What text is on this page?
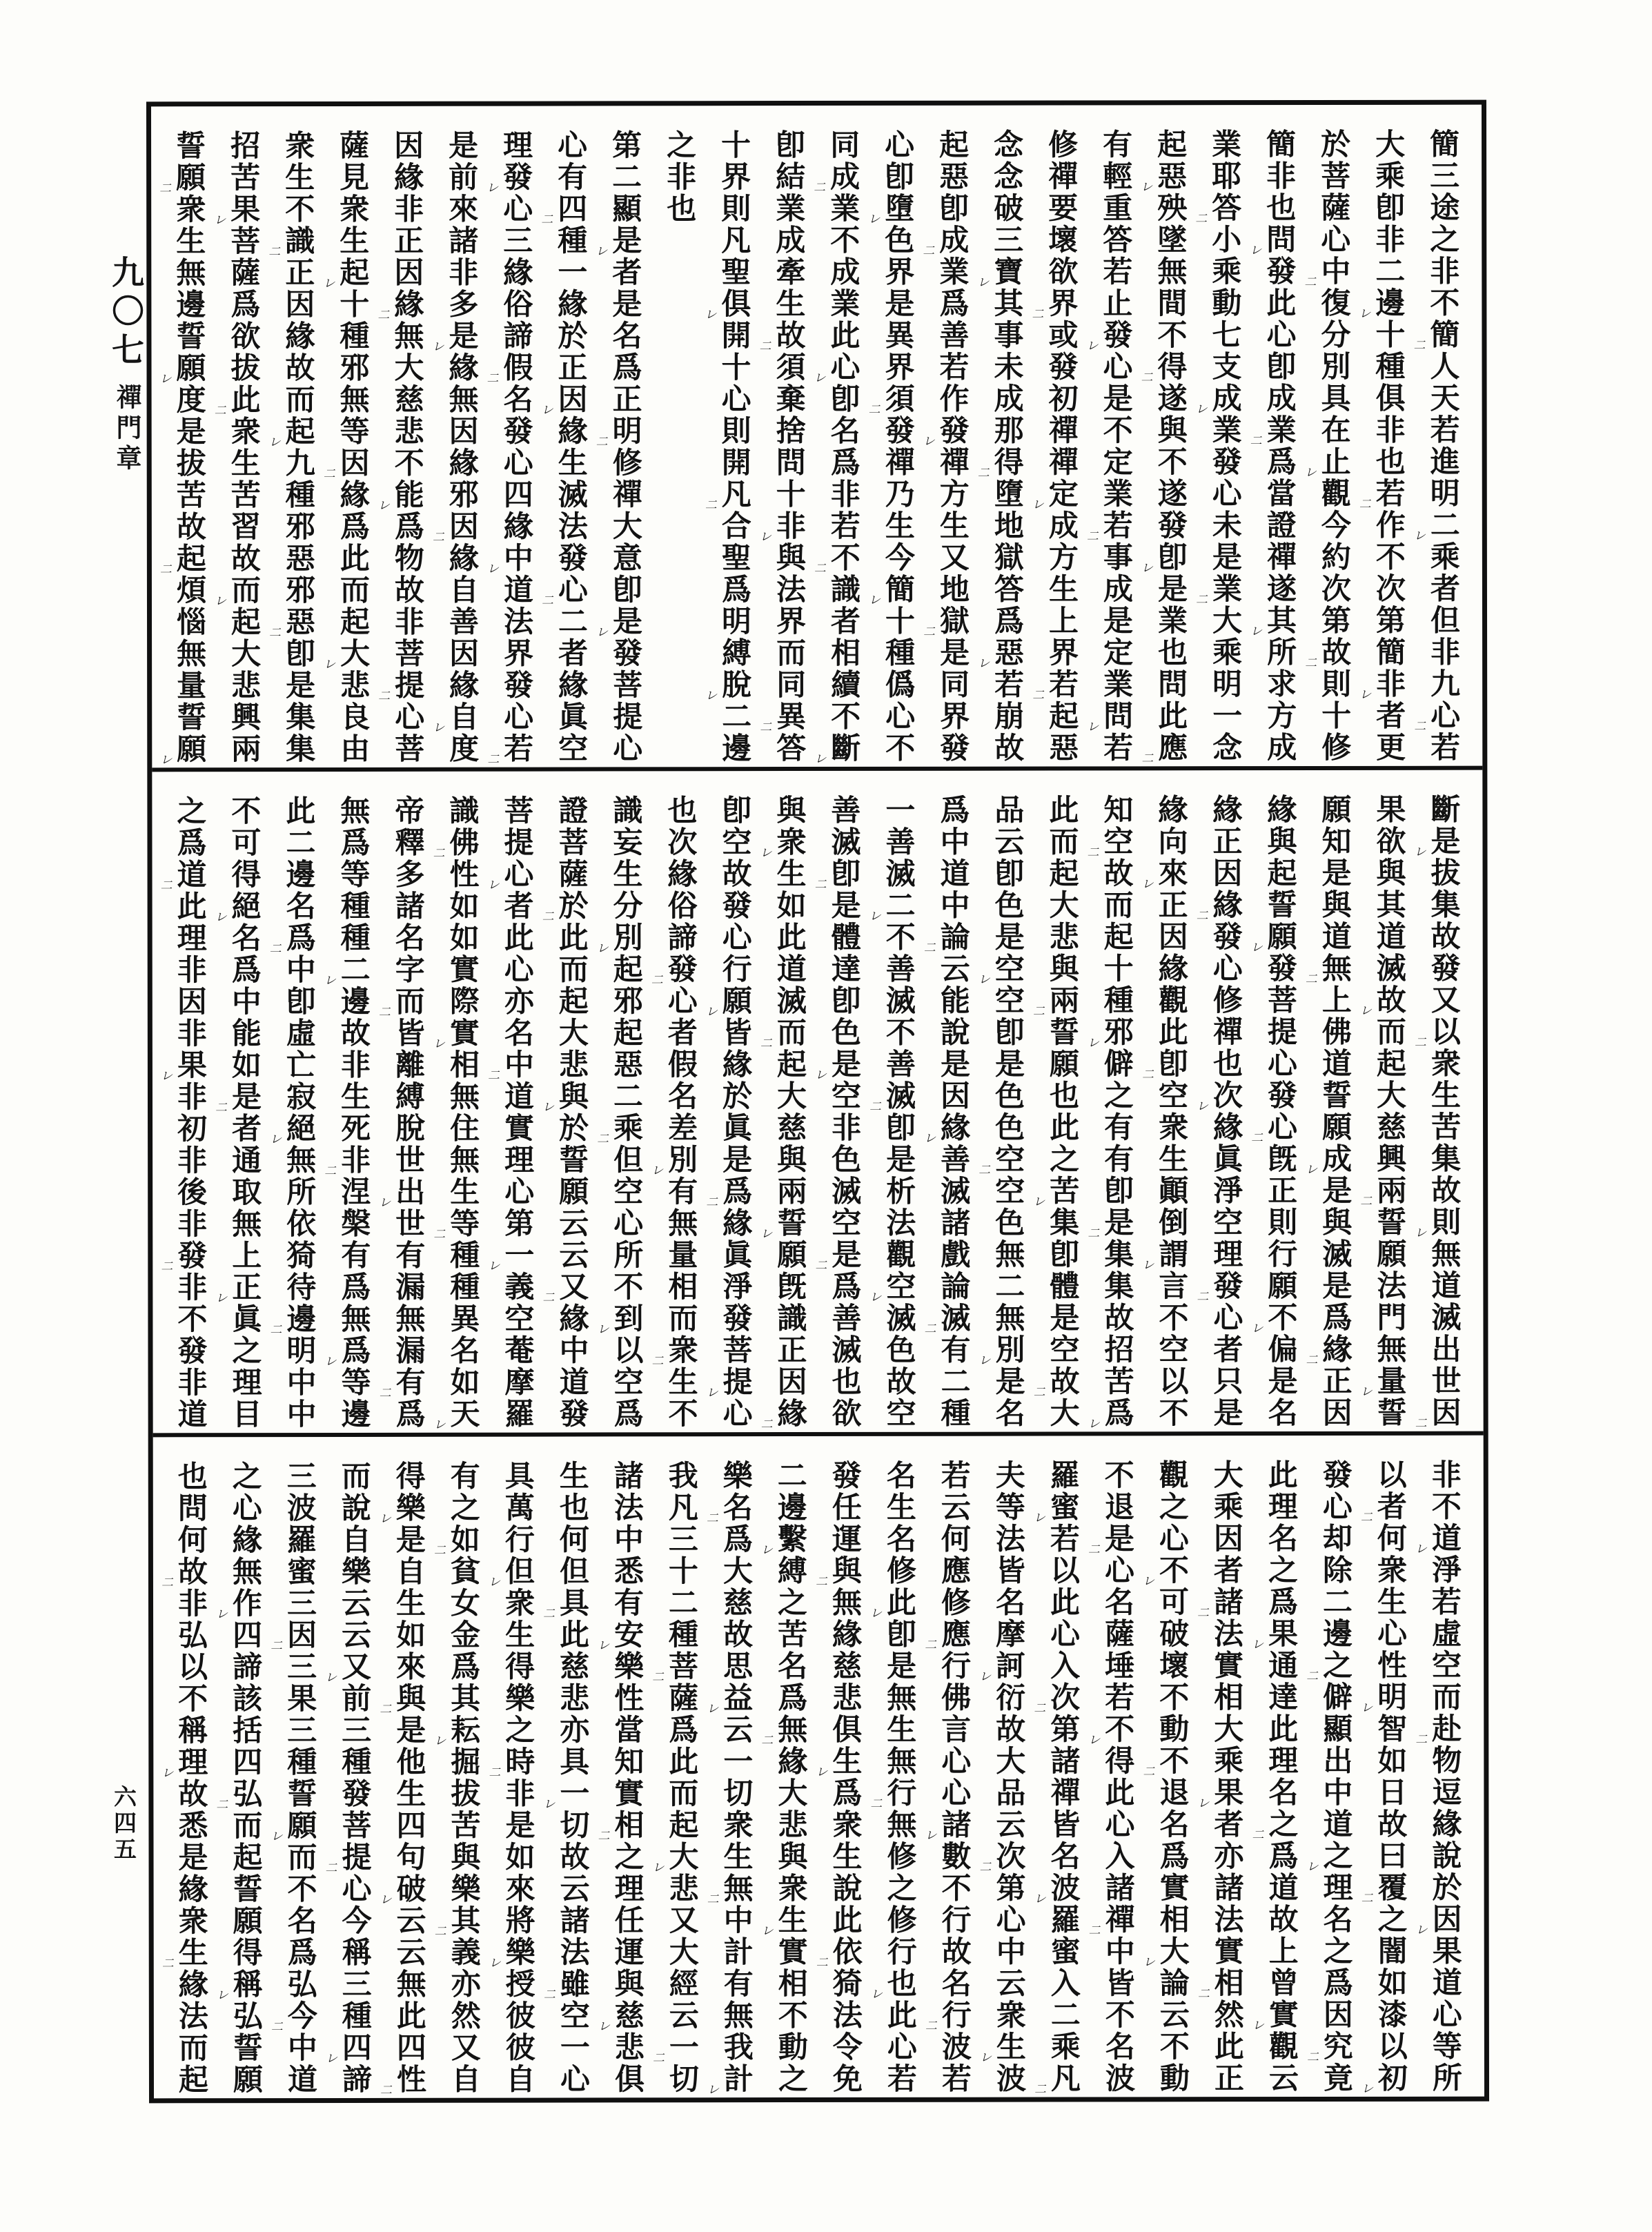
九〇七
禪門章
六四五
簡三途之非不簡
二
人天若進明二
レ
乘者但非九心
二
若
大乘卽非二邊
レ
十種俱非也若
二
作不次第簡非
レ
者更
於菩薩心中
二
復分別具在止
レ
觀今約次第故
二
則十修
簡非也問
レ
發此心卽成業
二
爲當證禪遂其
レ
所求方成
業耶答
二
小乘動七支成
レ
業發心未是業
二
大乘明一念
起惡
レ
殃墜無間不得
二
遂與不遂發卽
レ
是業也問此應
二
有輕重答若止發
レ
心是不定業若
二
事成是定業問
レ
若
修禪要壞欲界
二
或發初禪禪定
レ
成方生上界若
二
起惡
念念破三寶
レ
其事未成那得
二
墮地獄答爲惡
レ
若崩故
起惡卽成
二
業爲善若作發
レ
禪方生又地獄
二
是同界發
心卽墮
レ
色界是異界須
二
發禪乃生今簡
レ
十種僞心不
同成
二
業不成業此心
レ
卽名爲非若不
二
識者相續不斷
レ
卽結業成牽生故
二
須棄捨問十非
レ
與法界而同異
二
答
十界則凡聖俱
レ
開十心則開凡
二
合聖爲明縛脫
レ
二邊
之非也
第二顯是
レ
者是名爲正明
二
修禪大意卽是
レ
發菩提心
心有四
二
種一緣於正因
レ
緣生滅法發心
二
二者緣眞空
理發
レ
心三緣俗諦假
二
名發心四緣中
レ
道法界發心若
二
是前來諸非多是
レ
緣無因緣邪因
二
緣自善因緣自
レ
度
因緣非正因緣
二
無大慈悲不能
レ
爲物故非菩提
二
心菩
薩見衆生起
レ
十種邪無等因
二
緣爲此而起大
レ
悲良由
衆生不識
二
正因緣故而起
レ
九種邪惡邪惡
二
卽是集集
招苦果
レ
菩薩爲欲拔此
二
衆生苦習故而
レ
起大悲興兩
誓願
二
衆生無邊誓願
レ
度是拔苦故起
二
煩惱無量誓願
レ
斷是
レ
拔集故發又以
二
衆生苦集故則
レ
無道滅出世因
二
果欲與其道滅故
レ
而起大慈興兩
二
誓願法門無量
レ
誓
願知是與道無
二
上佛道誓願成
レ
是與滅是爲緣
二
正因
緣與起誓願
レ
發菩提心發心
二
旣正則行願不
レ
偏是名
緣正因緣
二
發心修禪也次
レ
緣眞淨空理發
二
心者只是
緣向來
レ
正因緣觀此卽
二
空衆生顚倒謂
レ
言不空以不
知空
二
故而起十種邪
レ
僻之有有卽是
二
集集故招苦爲
レ
此而起大悲與兩
二
誓願也此之苦
レ
集卽體是空故
二
大
品云卽色是空
レ
空卽是色色空
二
空色無二無別
レ
是名
爲中道中論
二
云能說是因緣
レ
善滅諸戲論滅
二
有二種
一善滅二
レ
不善滅不善滅
二
卽是析法觀空
レ
滅色故空
善滅卽
二
是體達卽色是
レ
空非色滅空是
二
爲善滅也欲
與衆
レ
生如此道滅而
二
起大慈與兩誓
レ
願旣識正因緣
二
卽空故發心行願
レ
皆緣於眞是爲
二
緣眞淨發菩提
レ
心
也次緣俗諦發
二
心者假名差別
レ
有無量相而衆
二
生不
識妄生分別
レ
起邪起惡二乘
二
但空心所不到
レ
以空爲
證菩薩於
二
此而起大悲與
レ
於誓願云云又
二
緣中道發
菩提心
レ
者此心亦名中
二
道實理心第一
レ
義空菴摩羅
識佛
二
性如如實際實
レ
相無住無生等
二
種種異名如天
レ
帝釋多諸名字而
二
皆離縛脫世出
レ
世有漏無漏有
二
爲
無爲等種種二
レ
邊故非生死非
二
涅槃有爲無爲
レ
等邊
此二邊名爲
二
中卽虛亡寂絕
レ
無所依猗待邊
二
明中中
不可得絕
レ
名爲中能如是
二
者通取無上正
レ
眞之理目
之爲道
二
此理非因非果
レ
非初非後非發
二
非不發非道
非不道
レ
淨若虛空而赴
二
物逗緣說於因
レ
果道心等所
以者
二
何衆生心性明
レ
智如日故曰覆
二
之闇如漆以初
レ
發心却除二邊之
二
僻顯出中道之
レ
理名之爲因究
二
竟
此理名之爲果
レ
通達此理名之
二
爲道故上曾實
レ
觀云
大乘因者諸
二
法實相大乘果
レ
者亦諸法實相
二
然此正
觀之心不
レ
可破壞不動不
二
退名爲實相大
レ
論云不動
不退是
二
心名薩埵若不
レ
得此心入諸禪
二
中皆不名波
羅蜜
レ
若以此心入次
二
第諸禪皆名波
レ
羅蜜入二乘凡
二
夫等法皆名摩訶
レ
衍故大品云次
二
第心中云衆生
レ
波
若云何應修應
二
行佛言心心諸
レ
數不行故名行
二
波若
名生名修此
レ
卽是無生無行
二
無修之修行也
レ
此心若
發任運與
二
無緣慈悲俱生
レ
爲衆生說此依
二
猗法令免
二邊繫
レ
縛之苦名爲無
二
緣大悲與衆生
レ
實相不動之
樂名
二
爲大慈故思益
レ
云一切衆生無
二
中計有無我計
レ
我凡三十二種菩
二
薩爲此而起大
レ
悲又大經云一
二
切
諸法中悉有安
レ
樂性當知實相
二
之理任運與慈
レ
悲俱
生也何但具
二
此慈悲亦具一
レ
切故云諸法雖
二
空一心
具萬行但
レ
衆生得樂之時
二
非是如來將樂
レ
授彼彼自
有之如
二
貧女金爲其耘
レ
掘拔苦與樂其
二
義亦然又自
得樂
レ
是自生如來與
二
是他生四句破
レ
云云無此四性
二
而說自樂云云又
レ
前三種發菩提
二
心今稱三種四
レ
諦
三波羅蜜三因
二
三果三種誓願
レ
而不名爲弘今
二
中道
之心緣無作
レ
四諦該括四弘
二
而起誓願得稱
レ
弘誓願
也問何故
二
非弘以不稱理
レ
故悉是緣衆生
二
緣法而起
